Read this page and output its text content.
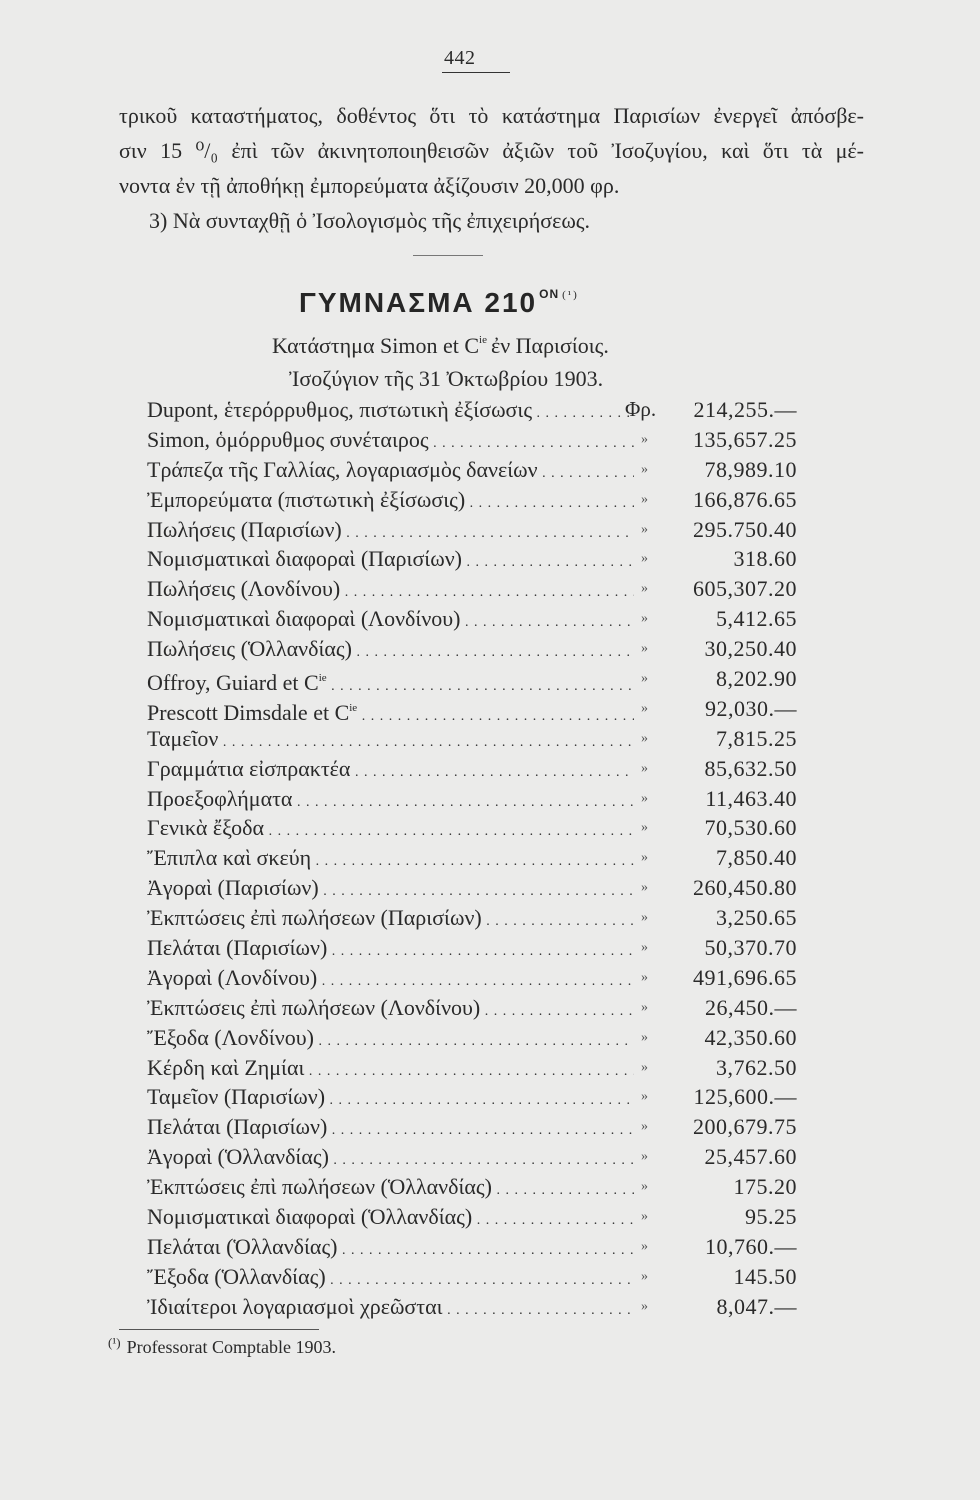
442
τρικοῦ καταστήματος, δοθέντος ὅτι τὸ κατάστημα Παρισίων ἐνεργεῖ ἀπόσβε-
σιν 15 ⁰/₀ ἐπὶ τῶν ἀκινητοποιηθεισῶν ἀξιῶν τοῦ Ἰσοζυγίου, καὶ ὅτι τὰ μέ-
νοντα ἐν τῇ ἀποθήκῃ ἐμπορεύματα ἀξίζουσιν 20,000 φρ.
3) Νὰ συνταχθῇ ὁ Ἰσολογισμὸς τῆς ἐπιχειρήσεως.
ΓΥΜΝΑΣΜΑ 210 $^{ON}$ $^{(^1)}$
Κατάστημα Simon et $C^{ie}$ ἐν Παρισίοις.
Ἰσοζύγιον τῆς 31 Ὀκτωβρίου 1903.
Dupont, ἑτερόρρυθμος, πιστωτικὴ ἐξίσωσις . . .	Φρ.	214,255.—
Simon, ὁμόρρυθμος συνέταιρος . . .	»	135,657.25
Τράπεζα τῆς Γαλλίας, λογαριασμὸς δανείων . . .	»	78,989.10
Ἐμπορεύματα (πιστωτικὴ ἐξίσωσις) . . .	»	166,876.65
Πωλήσεις (Παρισίων) . . .	»	295.750.40
Νομισματικαὶ διαφοραὶ (Παρισίων) . . .	»	318.60
Πωλήσεις (Λονδίνου) . . .	»	605,307.20
Νομισματικαὶ διαφοραὶ (Λονδίνου) . . .	»	5,412.65
Πωλήσεις (Ὁλλανδίας) . . .	»	30,250.40
Offroy, Guiard et $C^{ie}$ . . .	»	8,202.90
Prescott Dimsdale et $C^{ie}$ . . .	»	92,030.—
Ταμεῖον . . .	»	7,815.25
Γραμμάτια εἰσπρακτέα . . .	»	85,632.50
Προεξοφλήματα . . .	»	11,463.40
Γενικὰ ἔξοδα . . .	»	70,530.60
Ἔπιπλα καὶ σκεύη . . .	»	7,850.40
Ἀγοραὶ (Παρισίων) . . .	»	260,450.80
Ἐκπτώσεις ἐπὶ πωλήσεων (Παρισίων) . . .	»	3,250.65
Πελάται (Παρισίων) . . .	»	50,370.70
Ἀγοραὶ (Λονδίνου) . . .	»	491,696.65
Ἐκπτώσεις ἐπὶ πωλήσεων (Λονδίνου) . . .	»	26,450.—
Ἔξοδα (Λονδίνου) . . .	»	42,350.60
Κέρδη καὶ Ζημίαι . . .	»	3,762.50
Ταμεῖον (Παρισίων) . . .	»	125,600.—
Πελάται (Παρισίων) . . .	»	200,679.75
Ἀγοραὶ (Ὁλλανδίας) . . .	»	25,457.60
Ἐκπτώσεις ἐπὶ πωλήσεων (Ὁλλανδίας) . . .	»	175.20
Νομισματικαὶ διαφοραὶ (Ὁλλανδίας) . . .	»	95.25
Πελάται (Ὁλλανδίας) . . .	»	10,760.—
Ἔξοδα (Ὁλλανδίας) . . .	»	145.50
Ἰδιαίτεροι λογαριασμοὶ χρεῶσται . . .	»	8,047.—
$^{(^1)}$ Professorat Comptable 1903.
